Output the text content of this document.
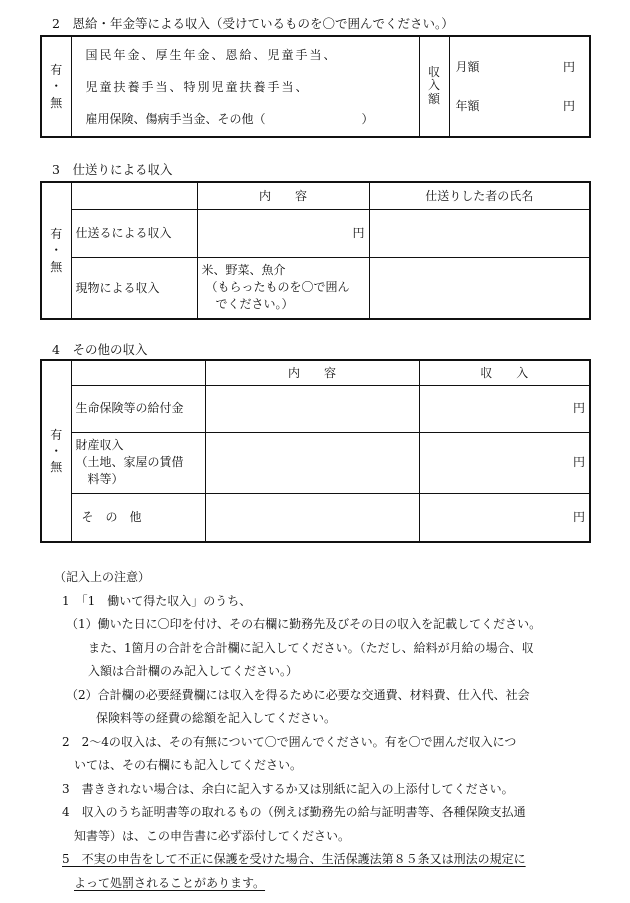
2　恩給・年金等による収入（受けているものを〇で囲んでください。）
有
・
無

国民年金、厚生年金、恩給、児童手当、
児童扶養手当、特別児童扶養手当、
雇用保険、傷病手当金、その他（　　　　　　　　）
	収
入
額	
月額	円
年額	円
3　仕送りによる収入
有
・
無		内　　容	仕送りした者の氏名
	仕送るによる収入	円	
	現物による収入	米、野菜、魚介
（もらったものを〇で囲ん
でください。）	

4　その他の収入
有
・
無		内　　容	収　　入
	生命保険等の給付金		円

	財産収入
（土地、家屋の賃借
料等）		円
	そ　の　他		円
（記入上の注意）
1　「1　働いて得た収入」のうち、
（1）働いた日に〇印を付け、その右欄に勤務先及びその日の収入を記載してください。
また、1箇月の合計を合計欄に記入してください。（ただし、給料が月給の場合、収
入額は合計欄のみ記入してください。）
（2）合計欄の必要経費欄には収入を得るために必要な交通費、材料費、仕入代、社会
保険料等の経費の総額を記入してください。
2　2～4の収入は、その有無について〇で囲んでください。有を〇で囲んだ収入につ
いては、その右欄にも記入してください。
3　書ききれない場合は、余白に記入するか又は別紙に記入の上添付してください。
4　収入のうち証明書等の取れるもの（例えば勤務先の給与証明書等、各種保険支払通
知書等）は、この申告書に必ず添付してください。
5　不実の申告をして不正に保護を受けた場合、生活保護法第８５条又は刑法の規定に
よって処罰されることがあります。
